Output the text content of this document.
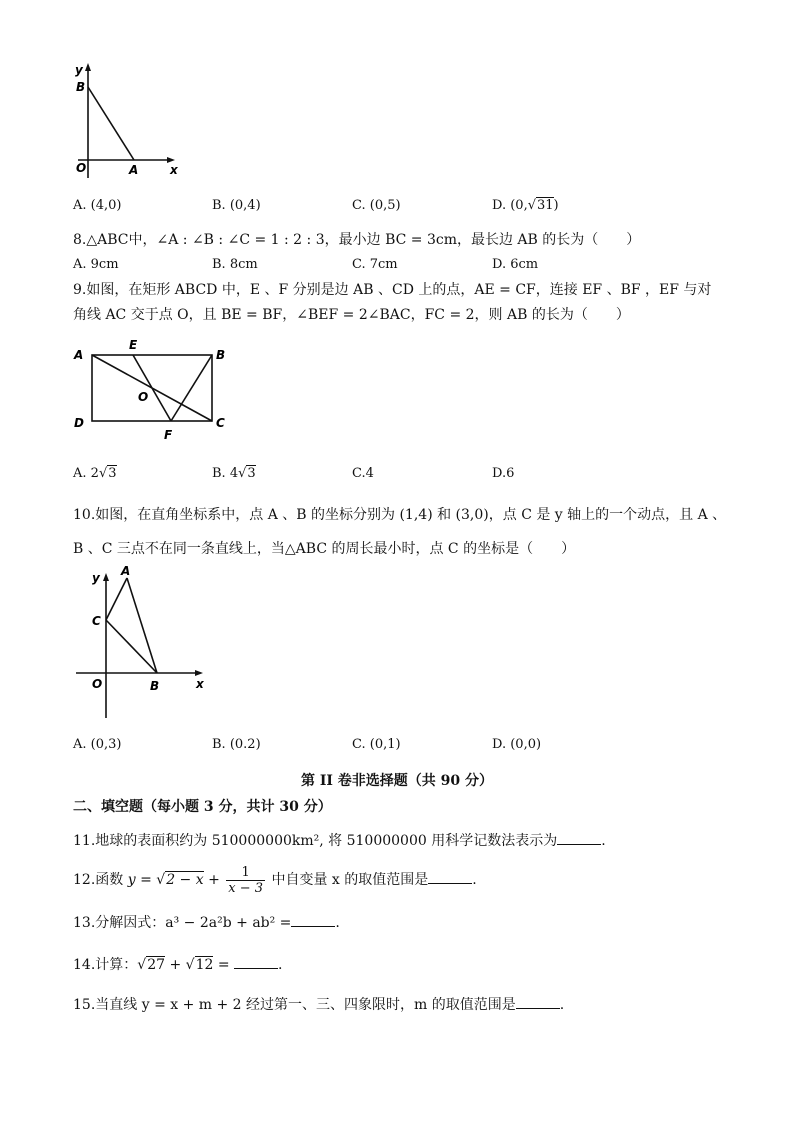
y
B
O	A	x
A. (4,0)	B. (0,4)	C. (0,5)	D. (0,√31)
8.△ABC中，∠A : ∠B : ∠C = 1 : 2 : 3，最小边 BC = 3cm，最长边 AB 的长为（　　）
A. 9cm	B. 8cm	C. 7cm	D. 6cm
9.如图，在矩形 ABCD 中，E 、F 分别是边 AB 、CD 上的点，AE = CF，连接 EF 、BF ，EF 与对
角线 AC 交于点 O，且 BE = BF，∠BEF = 2∠BAC，FC = 2，则 AB 的长为（　　）
A
E
B
O
D
F
C
A. 2√3	B. 4√3	C.4	D.6
10.如图，在直角坐标系中，点 A 、B 的坐标分别为 (1,4) 和 (3,0)，点 C 是 y 轴上的一个动点，且 A 、
B 、C 三点不在同一条直线上，当△ABC 的周长最小时，点 C 的坐标是（　　）
y A
C
O	B	x
A. (0,3)	B. (0.2)	C. (0,1)	D. (0,0)
第 II 卷非选择题（共 90 分）
二、填空题（每小题 3 分，共计 30 分）
11.地球的表面积约为 510000000km², 将 510000000 用科学记数法表示为	.
12.函数 $y = √2 - x + \frac{1}{x - 3}$ 中自变量 x 的取值范围是	.
13.分解因式：a³ − 2a²b + ab² =	.
14.计算：√27 + √12 =	.
15.当直线 y = x + m + 2 经过第一、三、四象限时，m 的取值范围是	.
